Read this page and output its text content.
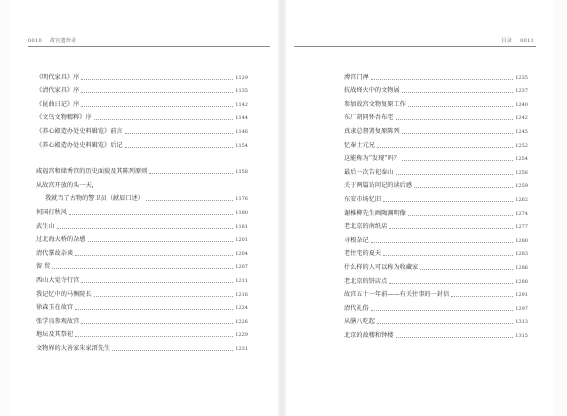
0010 故宫遗珍录
《明代家具》序	1129
《清代家具》序	1135
《昆曲日记》序	1142
《文鸟文物精粹》序	1144
《养心殿造办处史料辑览》前言	1146
《养心殿造办处史料辑览》后记	1154
咸福宫和储秀宫的历史面貌及其陈列原则	1158
从故宫开放的头一天，
我就当了古物的警卫员（献辰口述）	1176
何国打秋风	1180
武生山	1181
过北海大桥的杂感	1201
清代掌故杂谈	1204
留 贸	1207
西山大觉寺行宫	1211
我记忆中的马衡院长	1216
徐森玉在故宫	1224
张学良参观故宫	1226
地坛及其祭祀	1229
文物界的大善家朱家溍先生	1231
目录 0011
溥宫门禅	1235
抗战烽火中的文物展	1237
参加故宫文物复原工作	1240
东厂胡同怀吾布宅	1242
真隶总督署复原陈列	1245
忆奉士元兄	1252
这能称为“发现”吗？	1254
最后一次告祀泰山	1256
关于两篇访问记的读后感	1259
东安市场忆旧	1262
谢椎柳先生画陶渊明像	1274
老北京的南纸店	1277
寻根杂记	1280
老住宅的夏天	1283
什么样的人可以称为收藏家	1286
老北京的饼店点	1288
故宫五十一年前——有关往事的一封信	1291
清代礼俗	1297
从膳八吃起	1313
北京的故楼和钟楼	1315
